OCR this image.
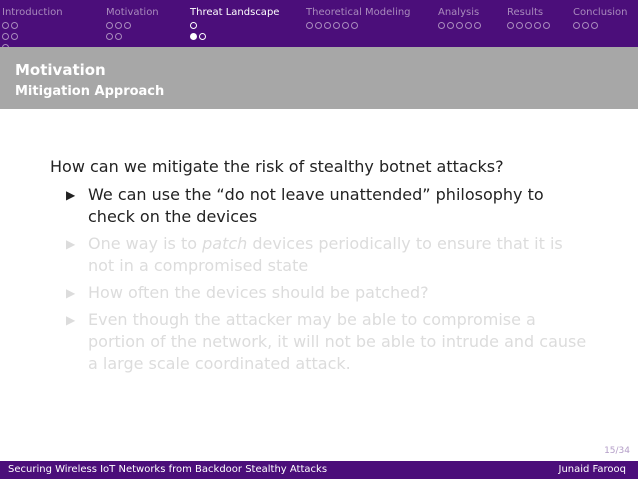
Introduction	Motivation	Threat Landscape	Theoretical Modeling	Analysis	Results	Conclusion
Motivation
Mitigation Approach

How can we mitigate the risk of stealthy botnet attacks?

▶ We can use the “do not leave unattended” philosophy to check on the devices
▶ One way is to patch devices periodically to ensure that it is not in a compromised state
▶ How often the devices should be patched?
▶ Even though the attacker may be able to compromise a portion of the network, it will not be able to intrude and cause a large scale coordinated attack.
15/34
Securing Wireless IoT Networks from Backdoor Stealthy Attacks	Junaid Farooq
